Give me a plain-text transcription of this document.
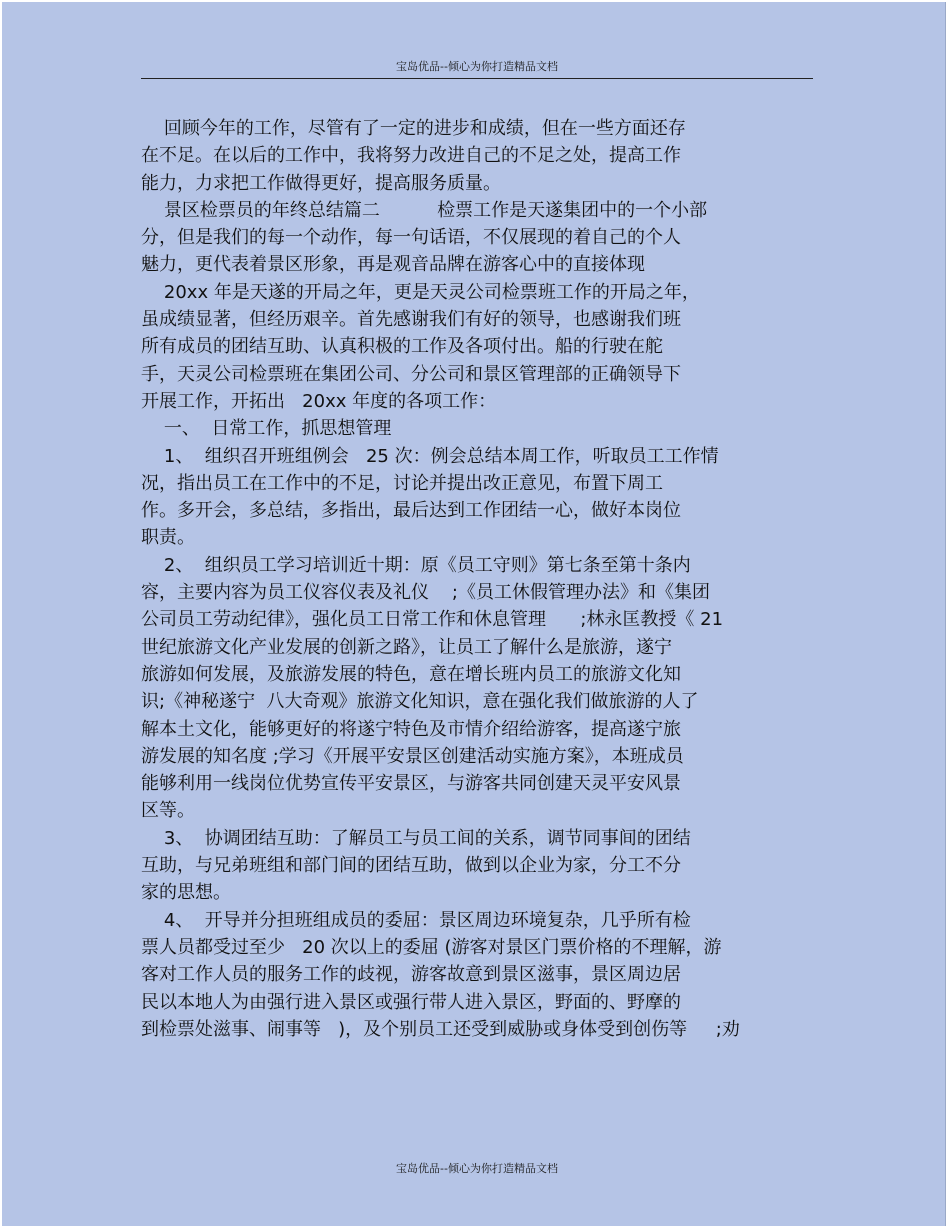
宝岛优品--倾心为你打造精品文档
回顾今年的工作，尽管有了一定的进步和成绩，但在一些方面还存
在不足。在以后的工作中，我将努力改进自己的不足之处，提高工作
能力，力求把工作做得更好，提高服务质量。
景区检票员的年终总结篇二          检票工作是天遂集团中的一个小部
分，但是我们的每一个动作，每一句话语，不仅展现的着自己的个人
魅力，更代表着景区形象，再是观音品牌在游客心中的直接体现
20xx 年是天遂的开局之年，更是天灵公司检票班工作的开局之年，
虽成绩显著，但经历艰辛。首先感谢我们有好的领导，也感谢我们班
所有成员的团结互助、认真积极的工作及各项付出。船的行驶在舵
手，天灵公司检票班在集团公司、分公司和景区管理部的正确领导下
开展工作，开拓出   20xx 年度的各项工作：
一、  日常工作，抓思想管理
1、  组织召开班组例会   25 次：例会总结本周工作，听取员工工作情
况，指出员工在工作中的不足，讨论并提出改正意见，布置下周工
作。多开会，多总结，多指出，最后达到工作团结一心，做好本岗位
职责。
2、  组织员工学习培训近十期：原《员工守则》第七条至第十条内
容，主要内容为员工仪容仪表及礼仪    ;《员工休假管理办法》和《集团
公司员工劳动纪律》，强化员工日常工作和休息管理      ;林永匡教授《 21
世纪旅游文化产业发展的创新之路》，让员工了解什么是旅游，遂宁
旅游如何发展，及旅游发展的特色，意在增长班内员工的旅游文化知
识;《神秘遂宁  八大奇观》旅游文化知识，意在强化我们做旅游的人了
解本土文化，能够更好的将遂宁特色及市情介绍给游客，提高遂宁旅
游发展的知名度 ;学习《开展平安景区创建活动实施方案》，本班成员
能够利用一线岗位优势宣传平安景区，与游客共同创建天灵平安风景
区等。
3、  协调团结互助：了解员工与员工间的关系，调节同事间的团结
互助，与兄弟班组和部门间的团结互助，做到以企业为家，分工不分
家的思想。
4、  开导并分担班组成员的委屈：景区周边环境复杂，几乎所有检
票人员都受过至少   20 次以上的委屈 (游客对景区门票价格的不理解，游
客对工作人员的服务工作的歧视，游客故意到景区滋事，景区周边居
民以本地人为由强行进入景区或强行带人进入景区，野面的、野摩的
到检票处滋事、闹事等   )，及个别员工还受到威胁或身体受到创伤等     ;劝
宝岛优品--倾心为你打造精品文档
